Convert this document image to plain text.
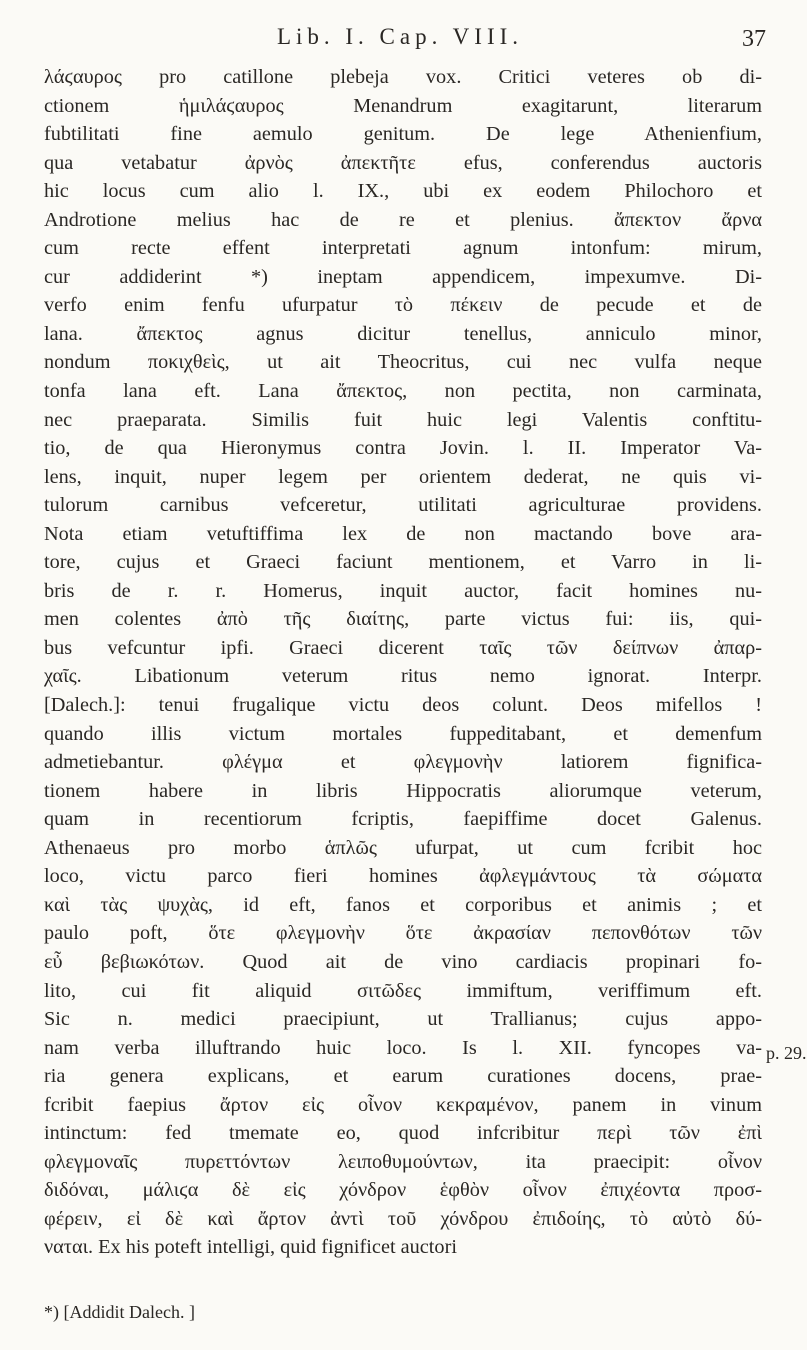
Lib. I. Cap. VIII.	37
λάϛαυρος pro catillone plebeja vox. Critici veteres ob di-
ctionem ἡμιλάϛαυρος Menandrum exagitarunt, literarum
fubtilitati fine aemulo genitum. De lege Athenienfium,
qua vetabatur ἀρνὸς ἀπεκτῆτε efus, conferendus auctoris
hic locus cum alio l. IX., ubi ex eodem Philochoro et
Androtione melius hac de re et plenius. ἄπεκτον ἄρνα
cum recte effent interpretati agnum intonfum: mirum,
cur addiderint *) ineptam appendicem, impexumve. Di-
verfo enim fenfu ufurpatur τὸ πέκειν de pecude et de
lana. ἄπεκτος agnus dicitur tenellus, anniculo minor,
nondum ποκιχθεὶς, ut ait Theocritus, cui nec vulfa neque
tonfa lana eft. Lana ἄπεκτος, non pectita, non carminata,
nec praeparata. Similis fuit huic legi Valentis conftitu-
tio, de qua Hieronymus contra Jovin. l. II. Imperator Va-
lens, inquit, nuper legem per orientem dederat, ne quis vi-
tulorum carnibus vefceretur, utilitati agriculturae providens.
Nota etiam vetuftiffima lex de non mactando bove ara-
tore, cujus et Graeci faciunt mentionem, et Varro in li-
bris de r. r. Homerus, inquit auctor, facit homines nu-
men colentes ἀπὸ τῆς διαίτης, parte victus fui: iis, qui-
bus vefcuntur ipfi. Graeci dicerent ταῖς τῶν δείπνων ἀπαρ-
χαῖς. Libationum veterum ritus nemo ignorat. Interpr.
[Dalech.]: tenui frugalique victu deos colunt. Deos mifellos !
quando illis victum mortales fuppeditabant, et demenfum
admetiebantur. φλέγμα et φλεγμονὴν latiorem fignifica-
tionem habere in libris Hippocratis aliorumque veterum,
quam in recentiorum fcriptis, faepiffime docet Galenus.
Athenaeus pro morbo ἁπλῶς ufurpat, ut cum fcribit hoc
loco, victu parco fieri homines ἀφλεγμάντους τὰ σώματα
καὶ τὰς ψυχὰς, id eft, fanos et corporibus et animis ; et
paulo poft, ὅτε φλεγμονὴν ὅτε ἀκρασίαν πεπονθότων τῶν
εὖ βεβιωκότων. Quod ait de vino cardiacis propinari fo-
lito, cui fit aliquid σιτῶδες immiftum, veriffimum eft.
Sic n. medici praecipiunt, ut Trallianus; cujus appo-
nam verba illuftrando huic loco. Is l. XII. fyncopes va-
ria genera explicans, et earum curationes docens, prae-
fcribit faepius ἄρτον εἰς οἶνον κεκραμένον, panem in vinum
intinctum: fed tmemate eo, quod infcribitur περὶ τῶν ἐπὶ
φλεγμοναῖς πυρεττόντων λειποθυμούντων, ita praecipit: οἶνον
διδόναι, μάλιϛα δὲ εἰς χόνδρον ἑφθὸν οἶνον ἐπιχέοντα προσ-
φέρειν, εἰ δὲ καὶ ἄρτον ἀντὶ τοῦ χόνδρου ἐπιδοίης, τὸ αὐτὸ δύ-
ναται. Ex his poteft intelligi, quid fignificet auctori
p. 29.
*) [Addidit Dalech. ]
